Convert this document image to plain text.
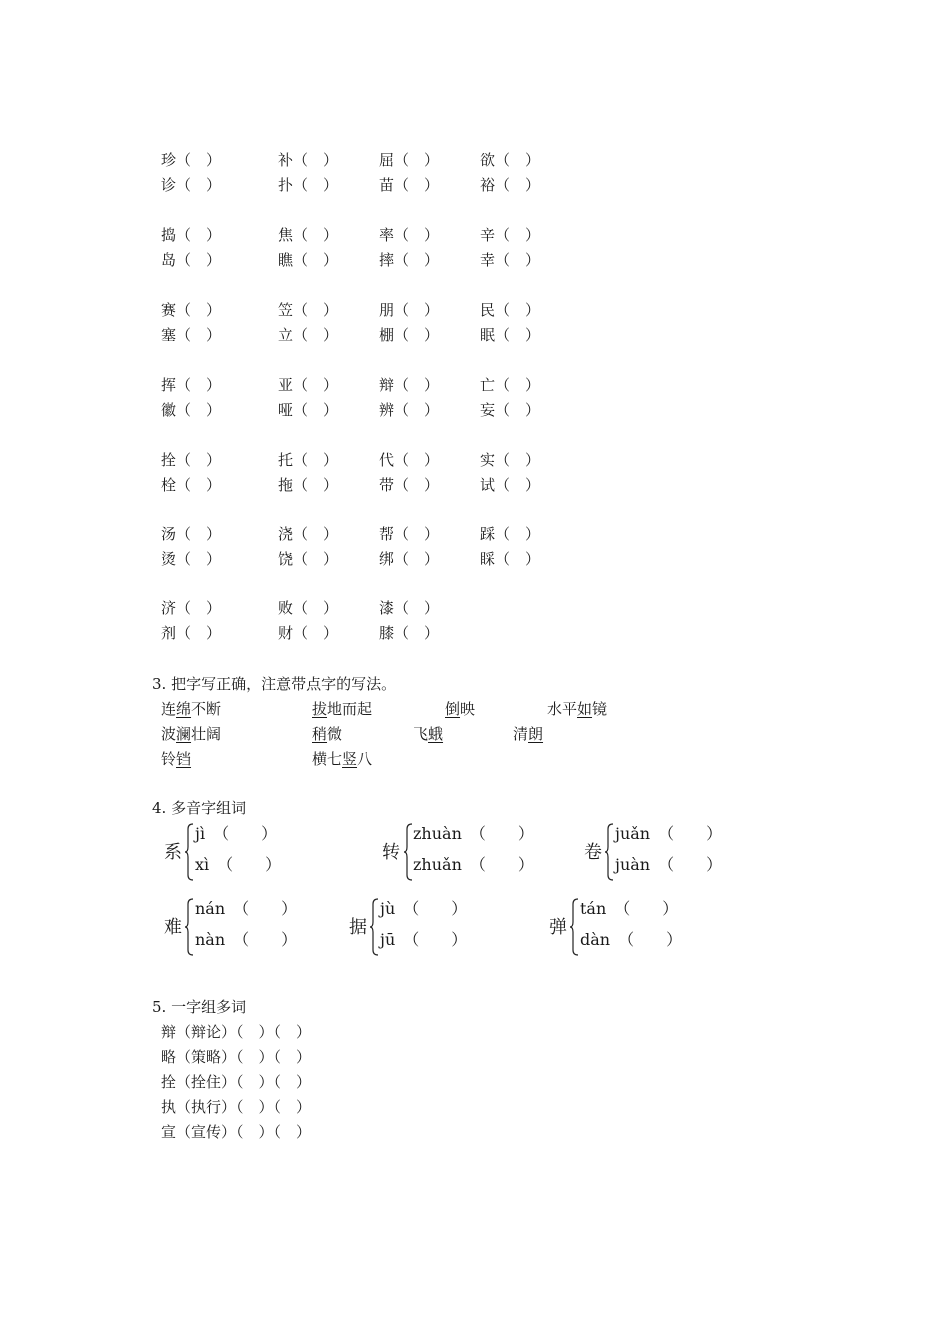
珍（　）	补（　）	屈（　）	欲（　）
诊（　）	扑（　）	苗（　）	裕（　）
捣（　）	焦（　）	率（　）	辛（　）
岛（　）	瞧（　）	摔（　）	幸（　）
赛（　）	笠（　）	朋（　）	民（　）
塞（　）	立（　）	棚（　）	眠（　）
挥（　）	亚（　）	辩（　）	亡（　）
徽（　）	哑（　）	辨（　）	妄（　）
拴（　）	托（　）	代（　）	实（　）
栓（　）	拖（　）	带（　）	试（　）
汤（　）	浇（　）	帮（　）	踩（　）
烫（　）	饶（　）	绑（　）	睬（　）
济（　）	败（　）	漆（　）
剂（　）	财（　）	膝（　）
3. 把字写正确，注意带点字的写法。
连绵不断	拔地而起	倒映	水平如镜
波澜壮阔	稍微	飞蛾	清朗
铃铛	横七竖八
4. 多音字组词
系
jì　（　　）
xì　（　　）
转
zhuàn　（　　）
zhuǎn　（　　）
卷
juǎn　（　　）
juàn　（　　）
难
nán　（　　）
nàn　（　　）
据
jù　（　　）
jū　（　　）
弹
tán　（　　）
dàn　（　　）
5. 一字组多词
辩（辩论）（　）（　）
略（策略）（　）（　）
拴（拴住）（　）（　）
执（执行）（　）（　）
宣（宣传）（　）（　）
